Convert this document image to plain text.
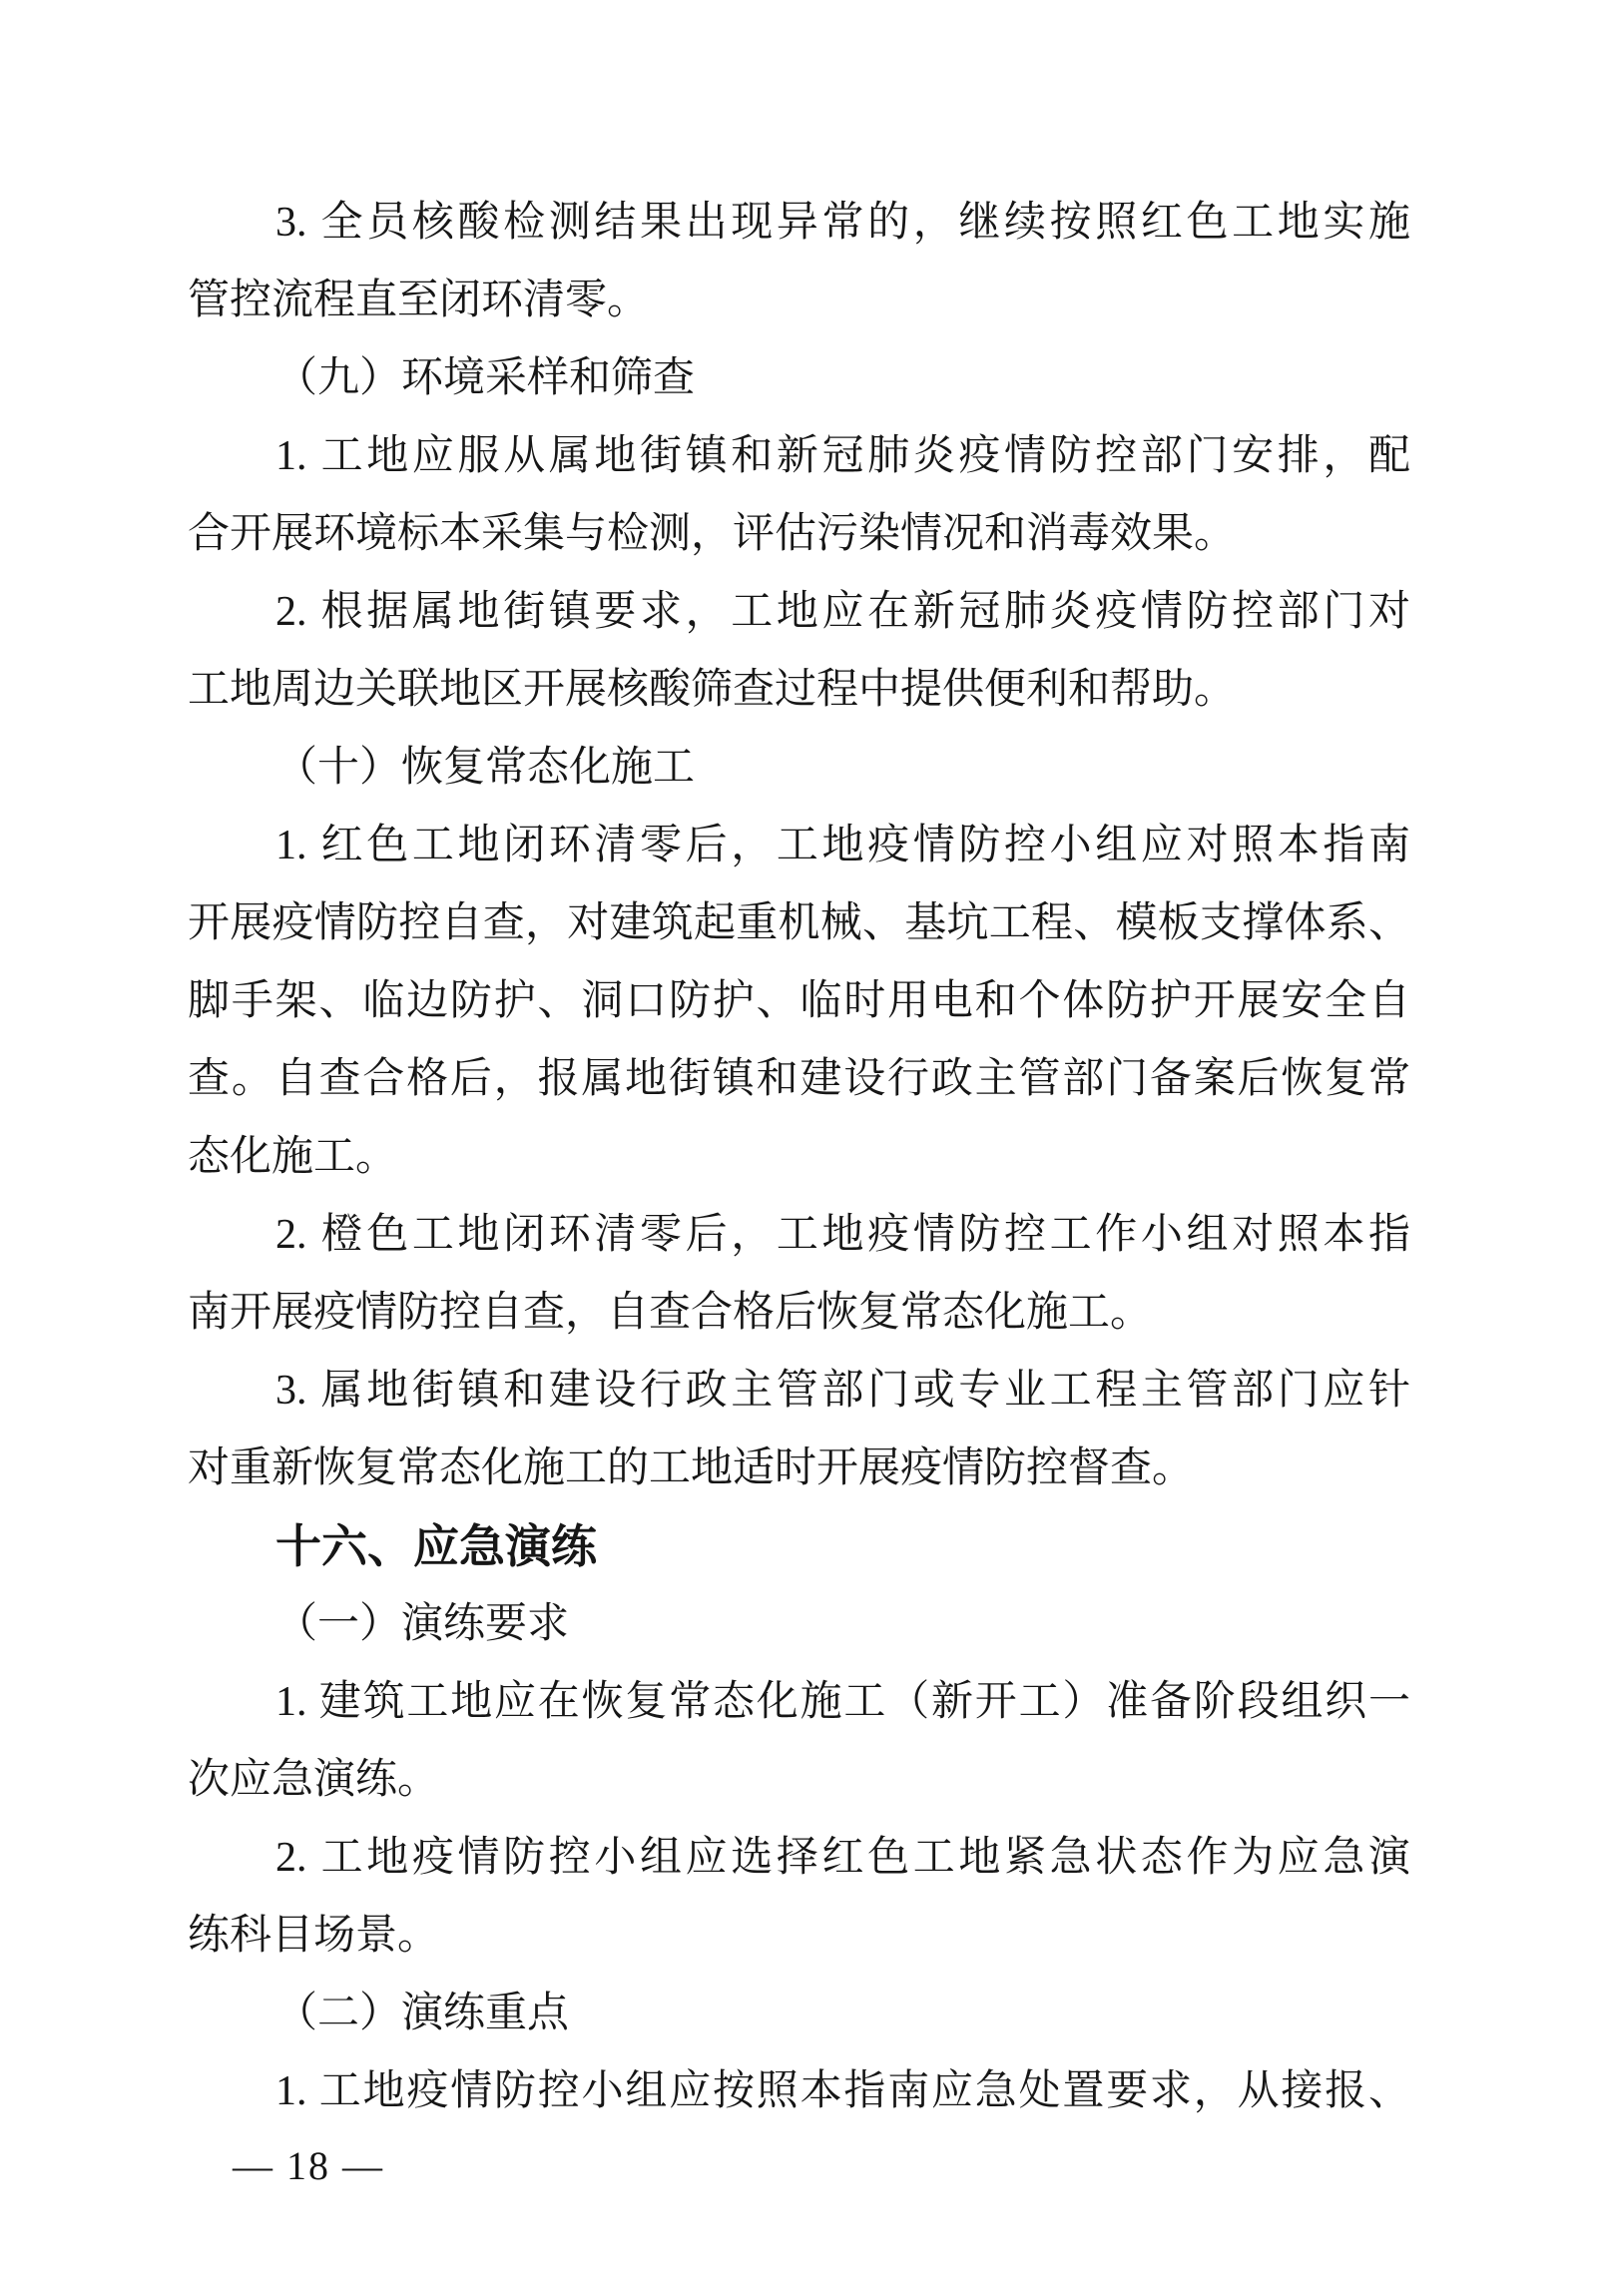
3. 全员核酸检测结果出现异常的，继续按照红色工地实施
管控流程直至闭环清零。
（九）环境采样和筛查
1. 工地应服从属地街镇和新冠肺炎疫情防控部门安排，配
合开展环境标本采集与检测，评估污染情况和消毒效果。
2. 根据属地街镇要求，工地应在新冠肺炎疫情防控部门对
工地周边关联地区开展核酸筛查过程中提供便利和帮助。
（十）恢复常态化施工
1. 红色工地闭环清零后，工地疫情防控小组应对照本指南
开展疫情防控自查，对建筑起重机械、基坑工程、模板支撑体系、
脚手架、临边防护、洞口防护、临时用电和个体防护开展安全自
查。自查合格后，报属地街镇和建设行政主管部门备案后恢复常
态化施工。
2. 橙色工地闭环清零后，工地疫情防控工作小组对照本指
南开展疫情防控自查，自查合格后恢复常态化施工。
3. 属地街镇和建设行政主管部门或专业工程主管部门应针
对重新恢复常态化施工的工地适时开展疫情防控督查。
十六、应急演练
（一）演练要求
1. 建筑工地应在恢复常态化施工（新开工）准备阶段组织一
次应急演练。
2. 工地疫情防控小组应选择红色工地紧急状态作为应急演
练科目场景。
（二）演练重点
1. 工地疫情防控小组应按照本指南应急处置要求，从接报、
— 18 —
